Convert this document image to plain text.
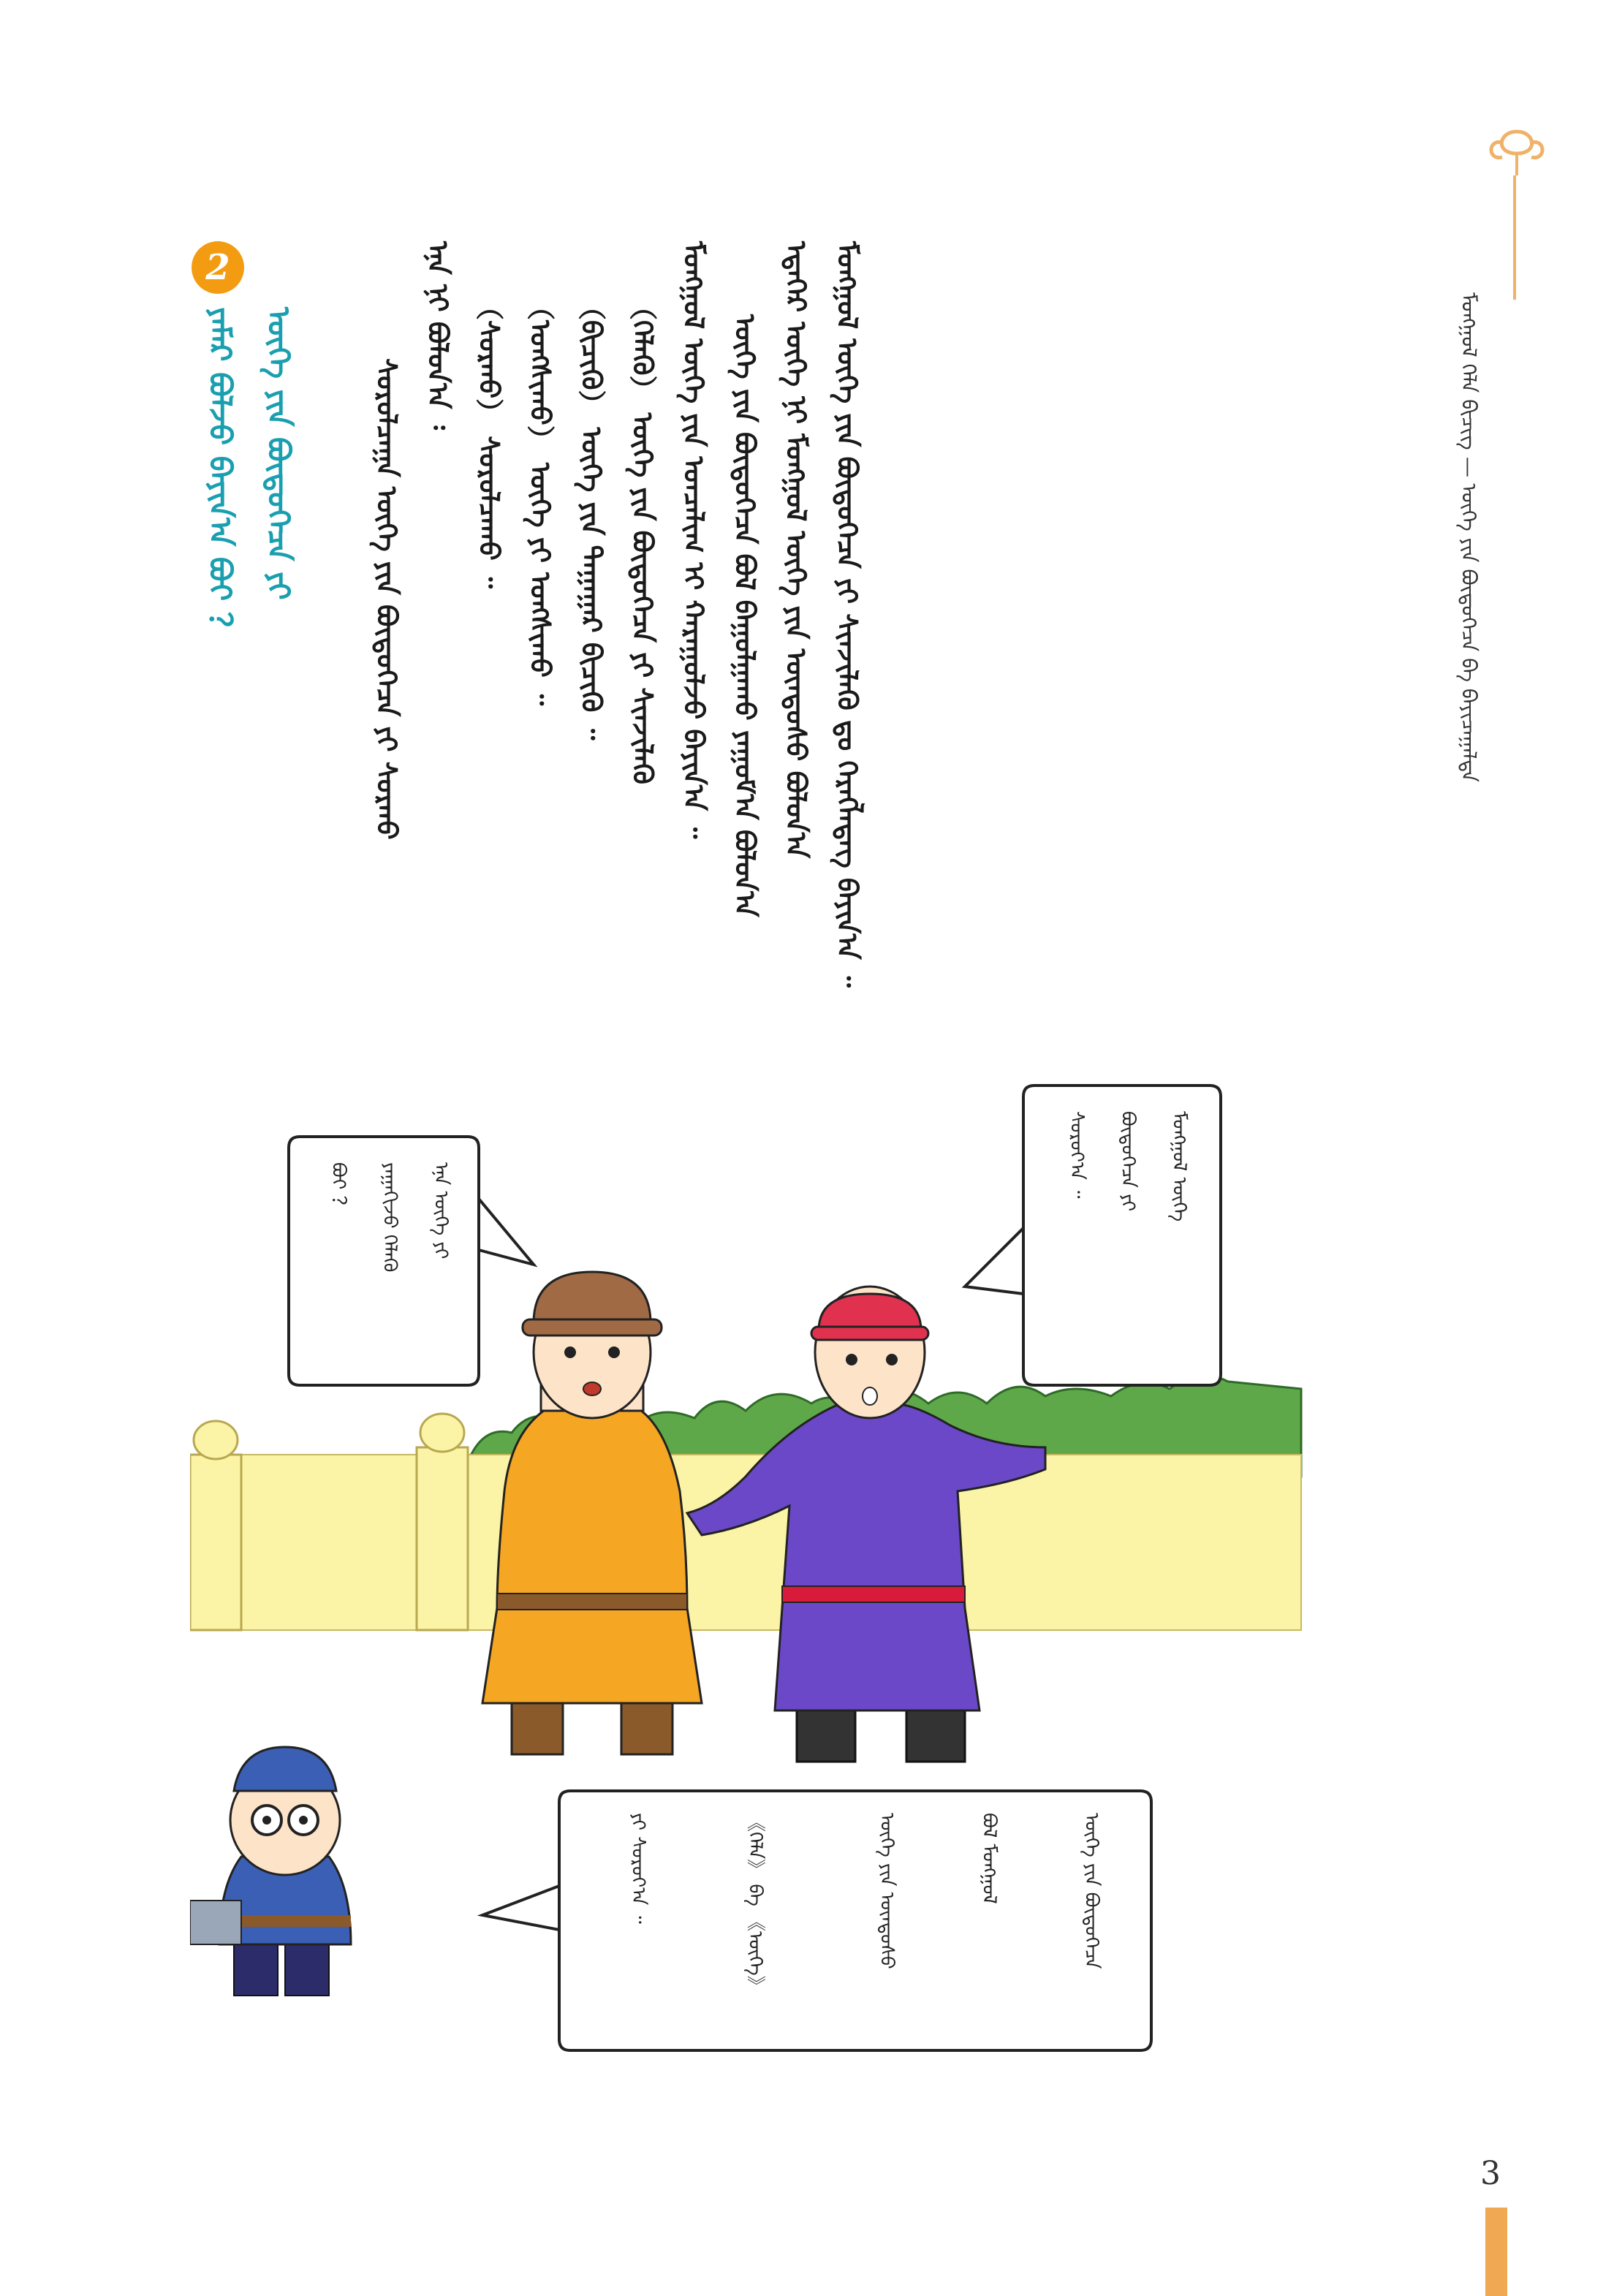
ᠮᠣᠩᠭᠣᠯ ᠬᠡᠯᠡ ᠪᠢᠴᠢᠭ — ᠦᠭᠡ ᠶᠢᠨ ᠪᠦᠲᠦᠭᠡᠴᠡ ᠪᠠ ᠪᠠᠶᠢᠴᠠᠭᠠᠯᠲᠠ
ᠮᠣᠩᠭᠣᠯ ᠦᠭᠡ ᠶᠢᠨ ᠪᠦᠲᠦᠭᠡᠴᠡ ᠶᠢ ᠰᠢᠨᠵᠢᠯᠡᠬᠦ ᠳᠤ ᠬᠡᠷᠡᠭᠯᠡᠳᠡᠭ ᠪᠠᠶᠢᠨ᠎ᠠ ᠃
ᠡᠳᠡᠭᠡᠷ ᠦᠭᠡ ᠨᠢ ᠮᠣᠩᠭᠣᠯ ᠦᠭᠡ ᠶᠢᠨ ᠦᠨᠳᠦᠰᠦ ᠪᠣᠯᠣᠨ᠎ᠠ
ᠦᠭᠡ ᠶᠢᠨ ᠪᠦᠲᠦᠭᠡᠴᠡ ᠪᠣᠯ ᠪᠠᠭᠤᠯᠭᠠᠬᠤ ᠶᠠᠭᠤᠮ᠎ᠠ ᠪᠣᠯᠣᠨ᠎ᠠ
ᠮᠣᠩᠭᠣᠯ ᠦᠭᠡ ᠶᠢᠨ ᠣᠨᠴᠠᠯᠢᠭ ᠢ ᠬᠠᠷᠠᠭᠤᠯᠵᠤ ᠪᠠᠶᠢᠨ᠎ᠠ ᠃
（ᠬᠡᠯᠡᠬᠦ） ᠦᠭᠡ ᠶᠢᠨ ᠪᠦᠲᠦᠭᠡᠴᠡ ᠶᠢ ᠰᠢᠨᠵᠢᠯᠡᠬᠦ
（ᠪᠢᠴᠢᠬᠦ） ᠦᠭᠡ ᠶᠢᠨ ᠳᠠᠭᠠᠭᠠᠷ ᠪᠢᠴᠢᠬᠦ ᠃
（ᠤᠩᠰᠢᠬᠤ） ᠦᠭᠡ ᠶᠢ ᠤᠩᠰᠢᠬᠤ ᠃
（ᠰᠤᠷᠬᠤ） ᠰᠤᠷᠤᠯᠴᠠᠬᠤ ᠃
ᠡᠨᠡ ᠨᠢ ᠪᠣᠯᠣᠨ᠎ᠠ ᠄
ᠰᠤᠷᠤᠯᠴᠠᠭᠠ ᠦᠭᠡ ᠶᠢᠨ ᠪᠦᠲᠦᠭᠡᠴᠡ ᠶᠢ ᠰᠤᠷᠬᠤ
2
ᠦᠭᠡ ᠶᠢᠨ ᠪᠦᠲᠦᠭᠡᠴᠡ ᠶᠢ
ᠶᠠᠮᠠᠷ ᠪᠣᠯᠵᠤ ᠪᠠᠶᠢᠨ᠎ᠠ ᠪᠤᠢ ？
ᠡᠨᠡ ᠦᠭᠡ ᠶᠢ
ᠶᠠᠭᠠᠬᠢᠵᠤ ᠬᠡᠯᠡᠬᠦ
ᠪᠤᠢ ？	ᠮᠣᠩᠭᠣᠯ ᠦᠭᠡ
ᠪᠦᠲᠦᠭᠡᠴᠡ ᠶᠢ
ᠰᠤᠷᠤᠶ᠎ᠠ ᠃
ᠦᠭᠡ ᠶᠢᠨ ᠪᠦᠲᠦᠭᠡᠴᠡ
ᠪᠣᠯ ᠮᠣᠩᠭᠣᠯ
ᠦᠭᠡ ᠶᠢᠨ ᠦᠨᠳᠦᠰᠦ
《ᠬᠡᠯᠡ》 ᠪᠠ 《ᠦᠭᠡ》
ᠶᠢ ᠰᠤᠷᠤᠶ᠎ᠠ ᠃
3
